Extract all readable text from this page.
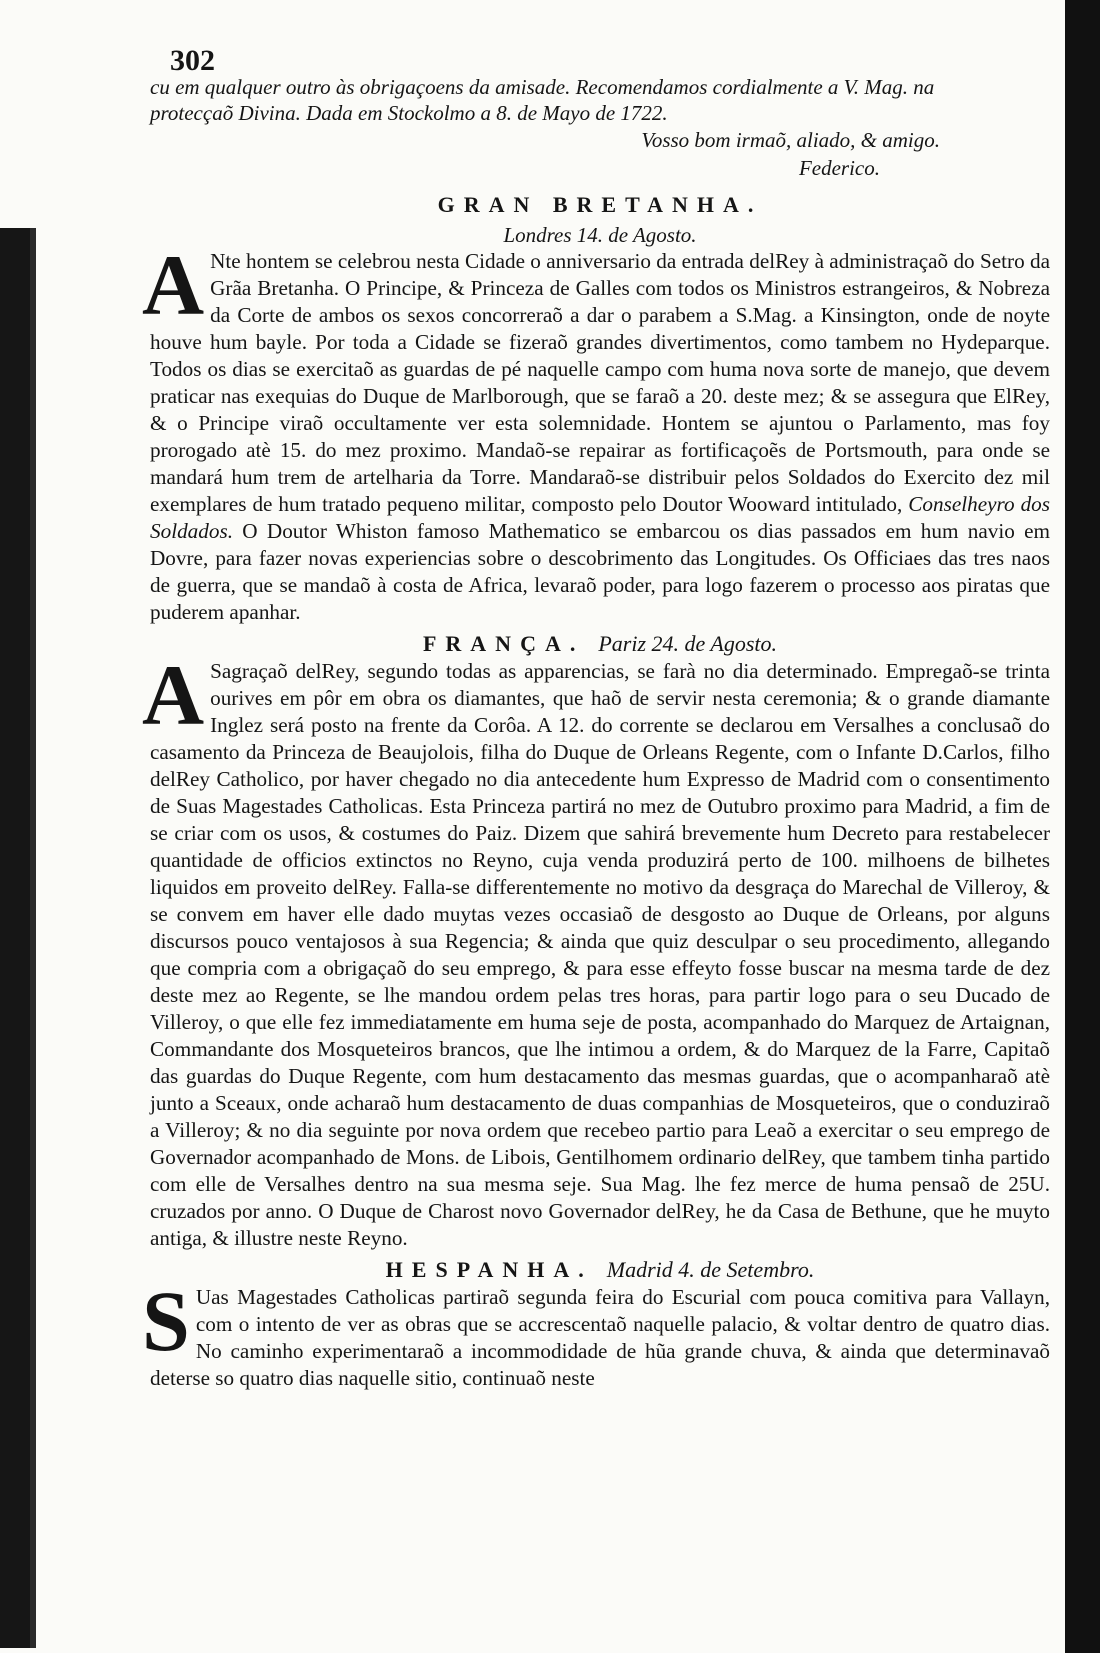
302
cu em qualquer outro às obrigaçoens da amisade. Recomendamos cordialmente a V. Mag. na
protecçaõ Divina. Dada em Stockolmo a 8. de Mayo de 1722.
Vosso bom irmaõ, aliado, & amigo.
Federico.
GRAN BRETANHA.
Londres 14. de Agosto.

A Nte hontem se celebrou nesta Cidade o anniversario da entrada delRey à administraçaõ do Setro da Grãa Bretanha. O Principe, & Princeza de Galles com todos os Ministros estrangeiros, & Nobreza da Corte de ambos os sexos concorreraõ a dar o parabem a S.Mag. a Kinsington, onde de noyte houve hum bayle. Por toda a Cidade se fizeraõ grandes divertimentos, como tambem no Hydeparque. Todos os dias se exercitaõ as guardas de pé naquelle campo com huma nova sorte de manejo, que devem praticar nas exequias do Duque de Marlborough, que se faraõ a 20. deste mez; & se assegura que ElRey, & o Principe viraõ occultamente ver esta solemnidade. Hontem se ajuntou o Parlamento, mas foy prorogado atè 15. do mez proximo. Mandaõ-se repairar as fortificaçoẽs de Portsmouth, para onde se mandará hum trem de artelharia da Torre. Mandaraõ-se distribuir pelos Soldados do Exercito dez mil exemplares de hum tratado pequeno militar, composto pelo Doutor Wooward intitulado, Conselheyro dos Soldados. O Doutor Whiston famoso Mathematico se embarcou os dias passados em hum navio em Dovre, para fazer novas experiencias sobre o descobrimento das Longitudes. Os Officiaes das tres naos de guerra, que se mandaõ à costa de Africa, levaraõ poder, para logo fazerem o processo aos piratas que puderem apanhar.

FRANÇA. Pariz 24. de Agosto.

A Sagraçaõ delRey, segundo todas as apparencias, se farà no dia determinado. Empregaõ-se trinta ourives em pôr em obra os diamantes, que haõ de servir nesta ceremonia; & o grande diamante Inglez será posto na frente da Corôa. A 12. do corrente se declarou em Versalhes a conclusaõ do casamento da Princeza de Beaujolois, filha do Duque de Orleans Regente, com o Infante D.Carlos, filho delRey Catholico, por haver chegado no dia antecedente hum Expresso de Madrid com o consentimento de Suas Magestades Catholicas. Esta Princeza partirá no mez de Outubro proximo para Madrid, a fim de se criar com os usos, & costumes do Paiz. Dizem que sahirá brevemente hum Decreto para restabelecer quantidade de officios extinctos no Reyno, cuja venda produzirá perto de 100. milhoens de bilhetes liquidos em proveito delRey. Falla-se differentemente no motivo da desgraça do Marechal de Villeroy, & se convem em haver elle dado muytas vezes occasiaõ de desgosto ao Duque de Orleans, por alguns discursos pouco ventajosos à sua Regencia; & ainda que quiz desculpar o seu procedimento, allegando que compria com a obrigaçaõ do seu emprego, & para esse effeyto fosse buscar na mesma tarde de dez deste mez ao Regente, se lhe mandou ordem pelas tres horas, para partir logo para o seu Ducado de Villeroy, o que elle fez immediatamente em huma seje de posta, acompanhado do Marquez de Artaignan, Commandante dos Mosqueteiros brancos, que lhe intimou a ordem, & do Marquez de la Farre, Capitaõ das guardas do Duque Regente, com hum destacamento das mesmas guardas, que o acompanharaõ atè junto a Sceaux, onde acharaõ hum destacamento de duas companhias de Mosqueteiros, que o conduziraõ a Villeroy; & no dia seguinte por nova ordem que recebeo partio para Leaõ a exercitar o seu emprego de Governador acompanhado de Mons. de Libois, Gentilhomem ordinario delRey, que tambem tinha partido com elle de Versalhes dentro na sua mesma seje. Sua Mag. lhe fez merce de huma pensaõ de 25U. cruzados por anno. O Duque de Charost novo Governador delRey, he da Casa de Bethune, que he muyto antiga, & illustre neste Reyno.

HESPANHA. Madrid 4. de Setembro.

S Uas Magestades Catholicas partiraõ segunda feira do Escurial com pouca comitiva para Vallayn, com o intento de ver as obras que se accrescentaõ naquelle palacio, & voltar dentro de quatro dias. No caminho experimentaraõ a incommodidade de hũa grande chuva, & ainda que determinavaõ deterse so quatro dias naquelle sitio, continuaõ neste
